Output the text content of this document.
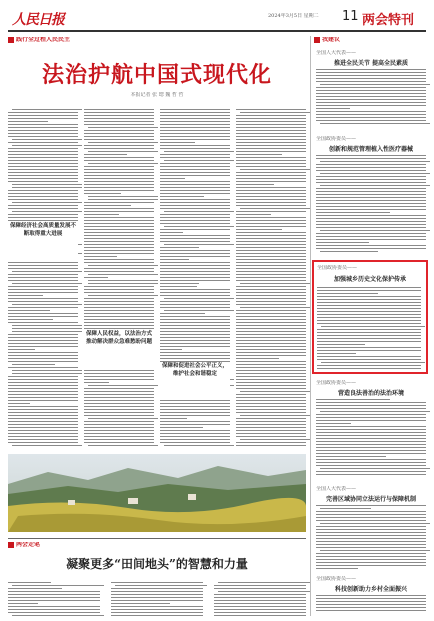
人民日报	2024年3月5日 星期二 11 两会特刊
践行全过程人民民主
法治护航中国式现代化
本报记者 张 璁 魏 哲 哲
保障经济社会高质量发展不断取得重大进展
保障人民权益，以法治方式推动解决群众急难愁盼问题
保障和促进社会公平正义，维护社会和谐稳定
我建议
全国人大代表——
推进全民关节 提高全民素质
全国政协委员——
创新和规范管理植入性医疗器械
全国政协委员——
加强城乡历史文化保护传承
全国政协委员——
营造良法善治的法治环境
全国人大代表——
完善区域协同立法运行与保障机制
全国政协委员——
科技创新助力乡村全面振兴
两会走笔
凝聚更多“田间地头”的智慧和力量
